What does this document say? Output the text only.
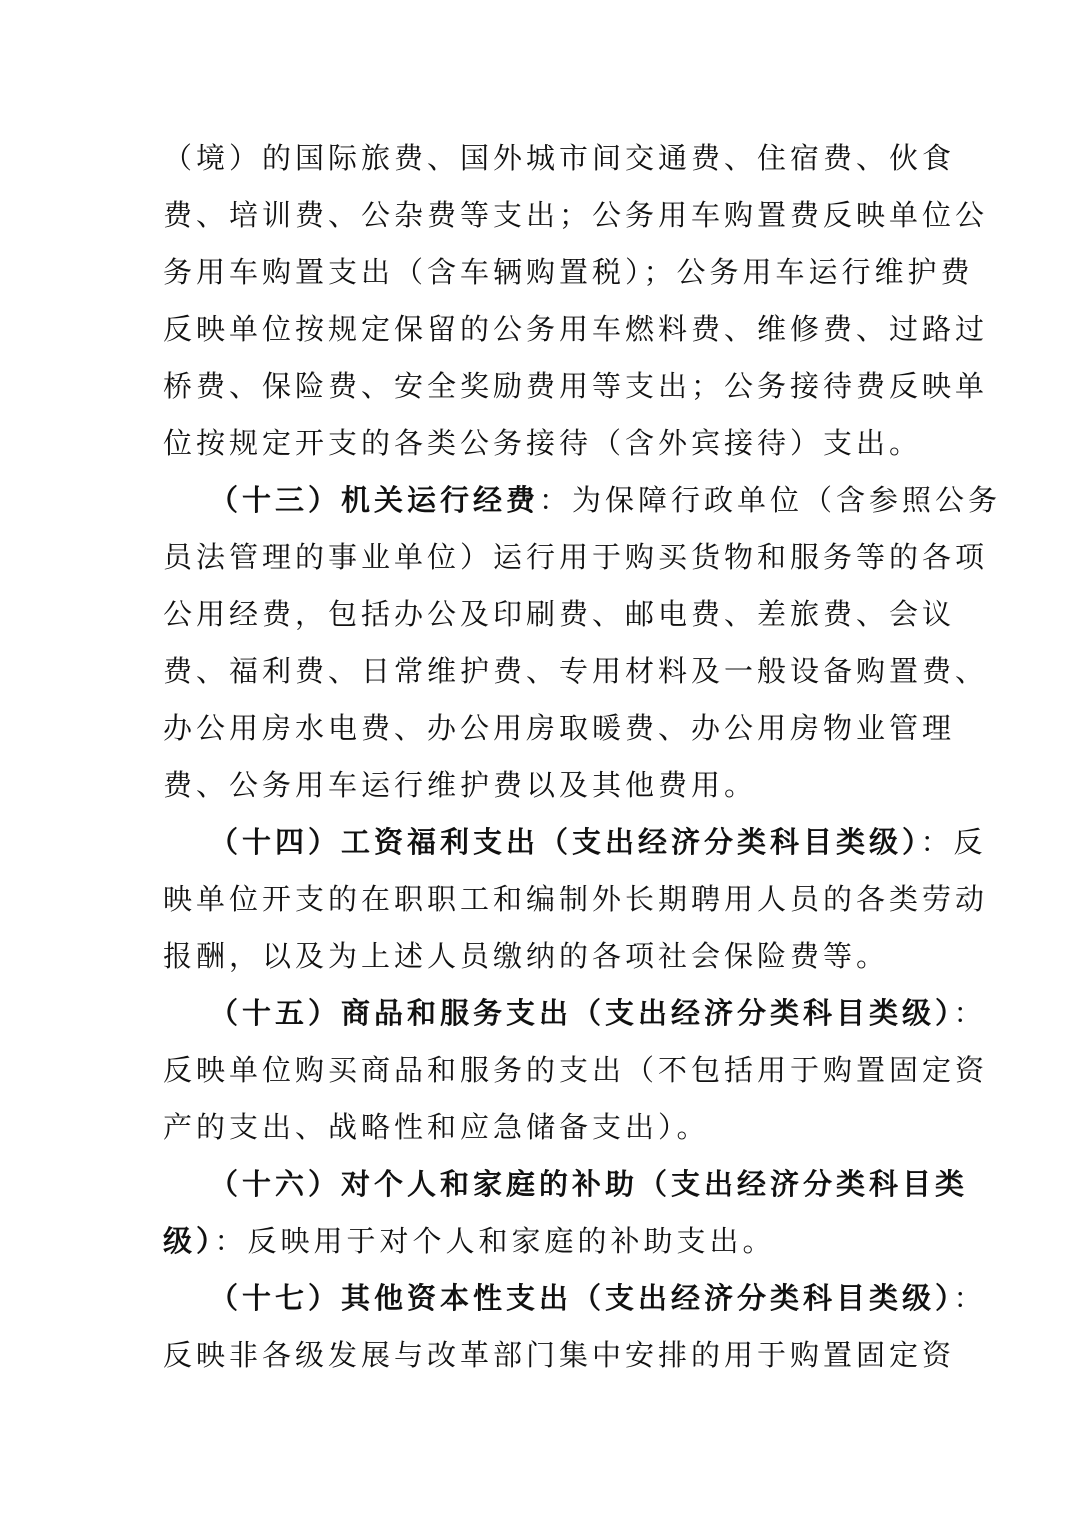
（境）的国际旅费、国外城市间交通费、住宿费、伙食
费、培训费、公杂费等支出；公务用车购置费反映单位公
务用车购置支出（含车辆购置税）；公务用车运行维护费
反映单位按规定保留的公务用车燃料费、维修费、过路过
桥费、保险费、安全奖励费用等支出；公务接待费反映单
位按规定开支的各类公务接待（含外宾接待）支出。
（十三）机关运行经费：为保障行政单位（含参照公务
员法管理的事业单位）运行用于购买货物和服务等的各项
公用经费，包括办公及印刷费、邮电费、差旅费、会议
费、福利费、日常维护费、专用材料及一般设备购置费、
办公用房水电费、办公用房取暖费、办公用房物业管理
费、公务用车运行维护费以及其他费用。
（十四）工资福利支出（支出经济分类科目类级）：反
映单位开支的在职职工和编制外长期聘用人员的各类劳动
报酬，以及为上述人员缴纳的各项社会保险费等。
（十五）商品和服务支出（支出经济分类科目类级）：
反映单位购买商品和服务的支出（不包括用于购置固定资
产的支出、战略性和应急储备支出）。
（十六）对个人和家庭的补助（支出经济分类科目类
级）：反映用于对个人和家庭的补助支出。
（十七）其他资本性支出（支出经济分类科目类级）：
反映非各级发展与改革部门集中安排的用于购置固定资
